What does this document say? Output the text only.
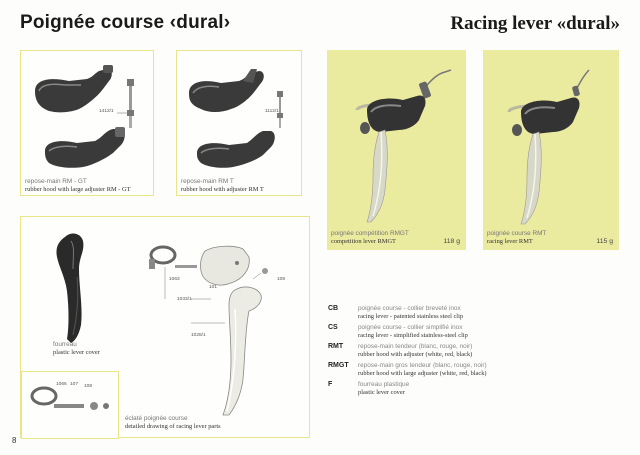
Poignée course ‹dural›	Racing lever «dural»
1412/1
repose-main RM - GT
rubber hood with large adjuster RM - GT
1112/1
repose-main RM T
rubber hood with adjuster RM T
poignée compétition RMGT
competition lever RMGT	118 g
poignée course RMT
racing lever RMT	115 g
fourreau
plastic lever cover
1063
101
108
1033/1
1028/1
1066 107 108
éclaté poignée course
detailed drawing of racing lever parts
CB	poignée course - collier breveté inox
racing lever - patented stainless steel clip
CS	poignée course - collier simplifié inox
racing lever - simplified stainless-steel clip
RMT repose-main tendeur (blanc, rouge, noir)
rubber hood with adjuster (white, red, black)
RMGT repose-main gros tendeur (blanc, rouge, noir)
rubber hood with large adjuster (white, red, black)
F	fourreau plastique
plastic lever cover
8
